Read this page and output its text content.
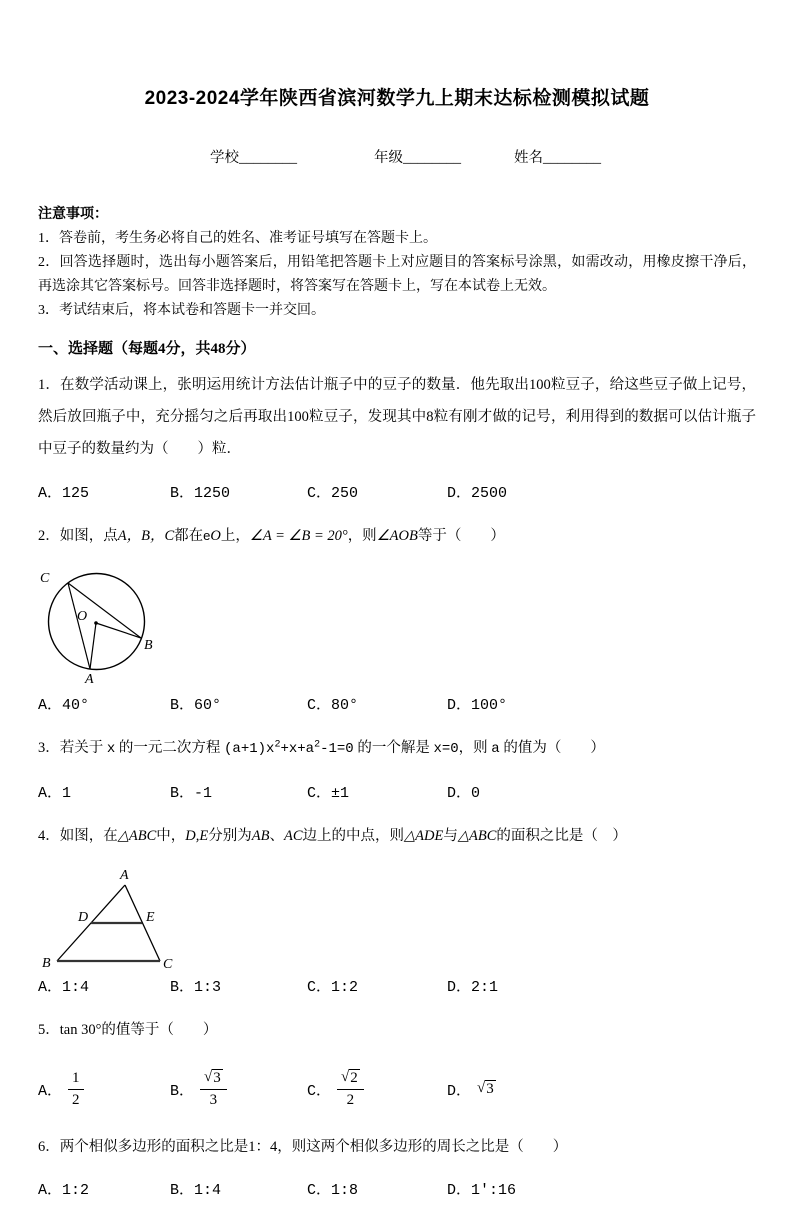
2023-2024学年陕西省滨河数学九上期末达标检测模拟试题
学校________	年级________	姓名________

注意事项：

1．答卷前，考生务必将自己的姓名、准考证号填写在答题卡上。

2．回答选择题时，选出每小题答案后，用铅笔把答题卡上对应题目的答案标号涂黑，如需改动，用橡皮擦干净后，再选涂其它答案标号。回答非选择题时，将答案写在答题卡上，写在本试卷上无效。

3．考试结束后，将本试卷和答题卡一并交回。

一、选择题（每题4分，共48分）

1．在数学活动课上，张明运用统计方法估计瓶子中的豆子的数量．他先取出100粒豆子，给这些豆子做上记号，然后放回瓶子中，充分摇匀之后再取出100粒豆子，发现其中8粒有刚才做的记号，利用得到的数据可以估计瓶子中豆子的数量约为（　　）粒．

A．125	B．1250	C．250	D．2500

2．如图，点A，B，C都在eO上，∠A = ∠B = 20°，则∠AOB等于（　　）

C
O
B
A
A．40°	B．60°	C．80°	D．100°

3．若关于 x 的一元二次方程 $(a+1)x^2+x+a^2-1=0$ 的一个解是 x=0，则 a 的值为（　　）

A．1	B．-1	C．±1	D．0

4．如图，在△ABC中，D,E分别为AB、AC边上的中点，则△ADE与△ABC的面积之比是（　）

A
B	C
D	E
A．1:4	B．1:3	C．1:2	D．2:1

5．tan 30°的值等于（　　）

A． $\frac{1}{2}$	B． $\frac{√3}{3}$	C． $\frac{√2}{2}$	D． √3

6．两个相似多边形的面积之比是1：4，则这两个相似多边形的周长之比是（　　）

A．1:2	B．1:4	C．1:8	D．1′:16
